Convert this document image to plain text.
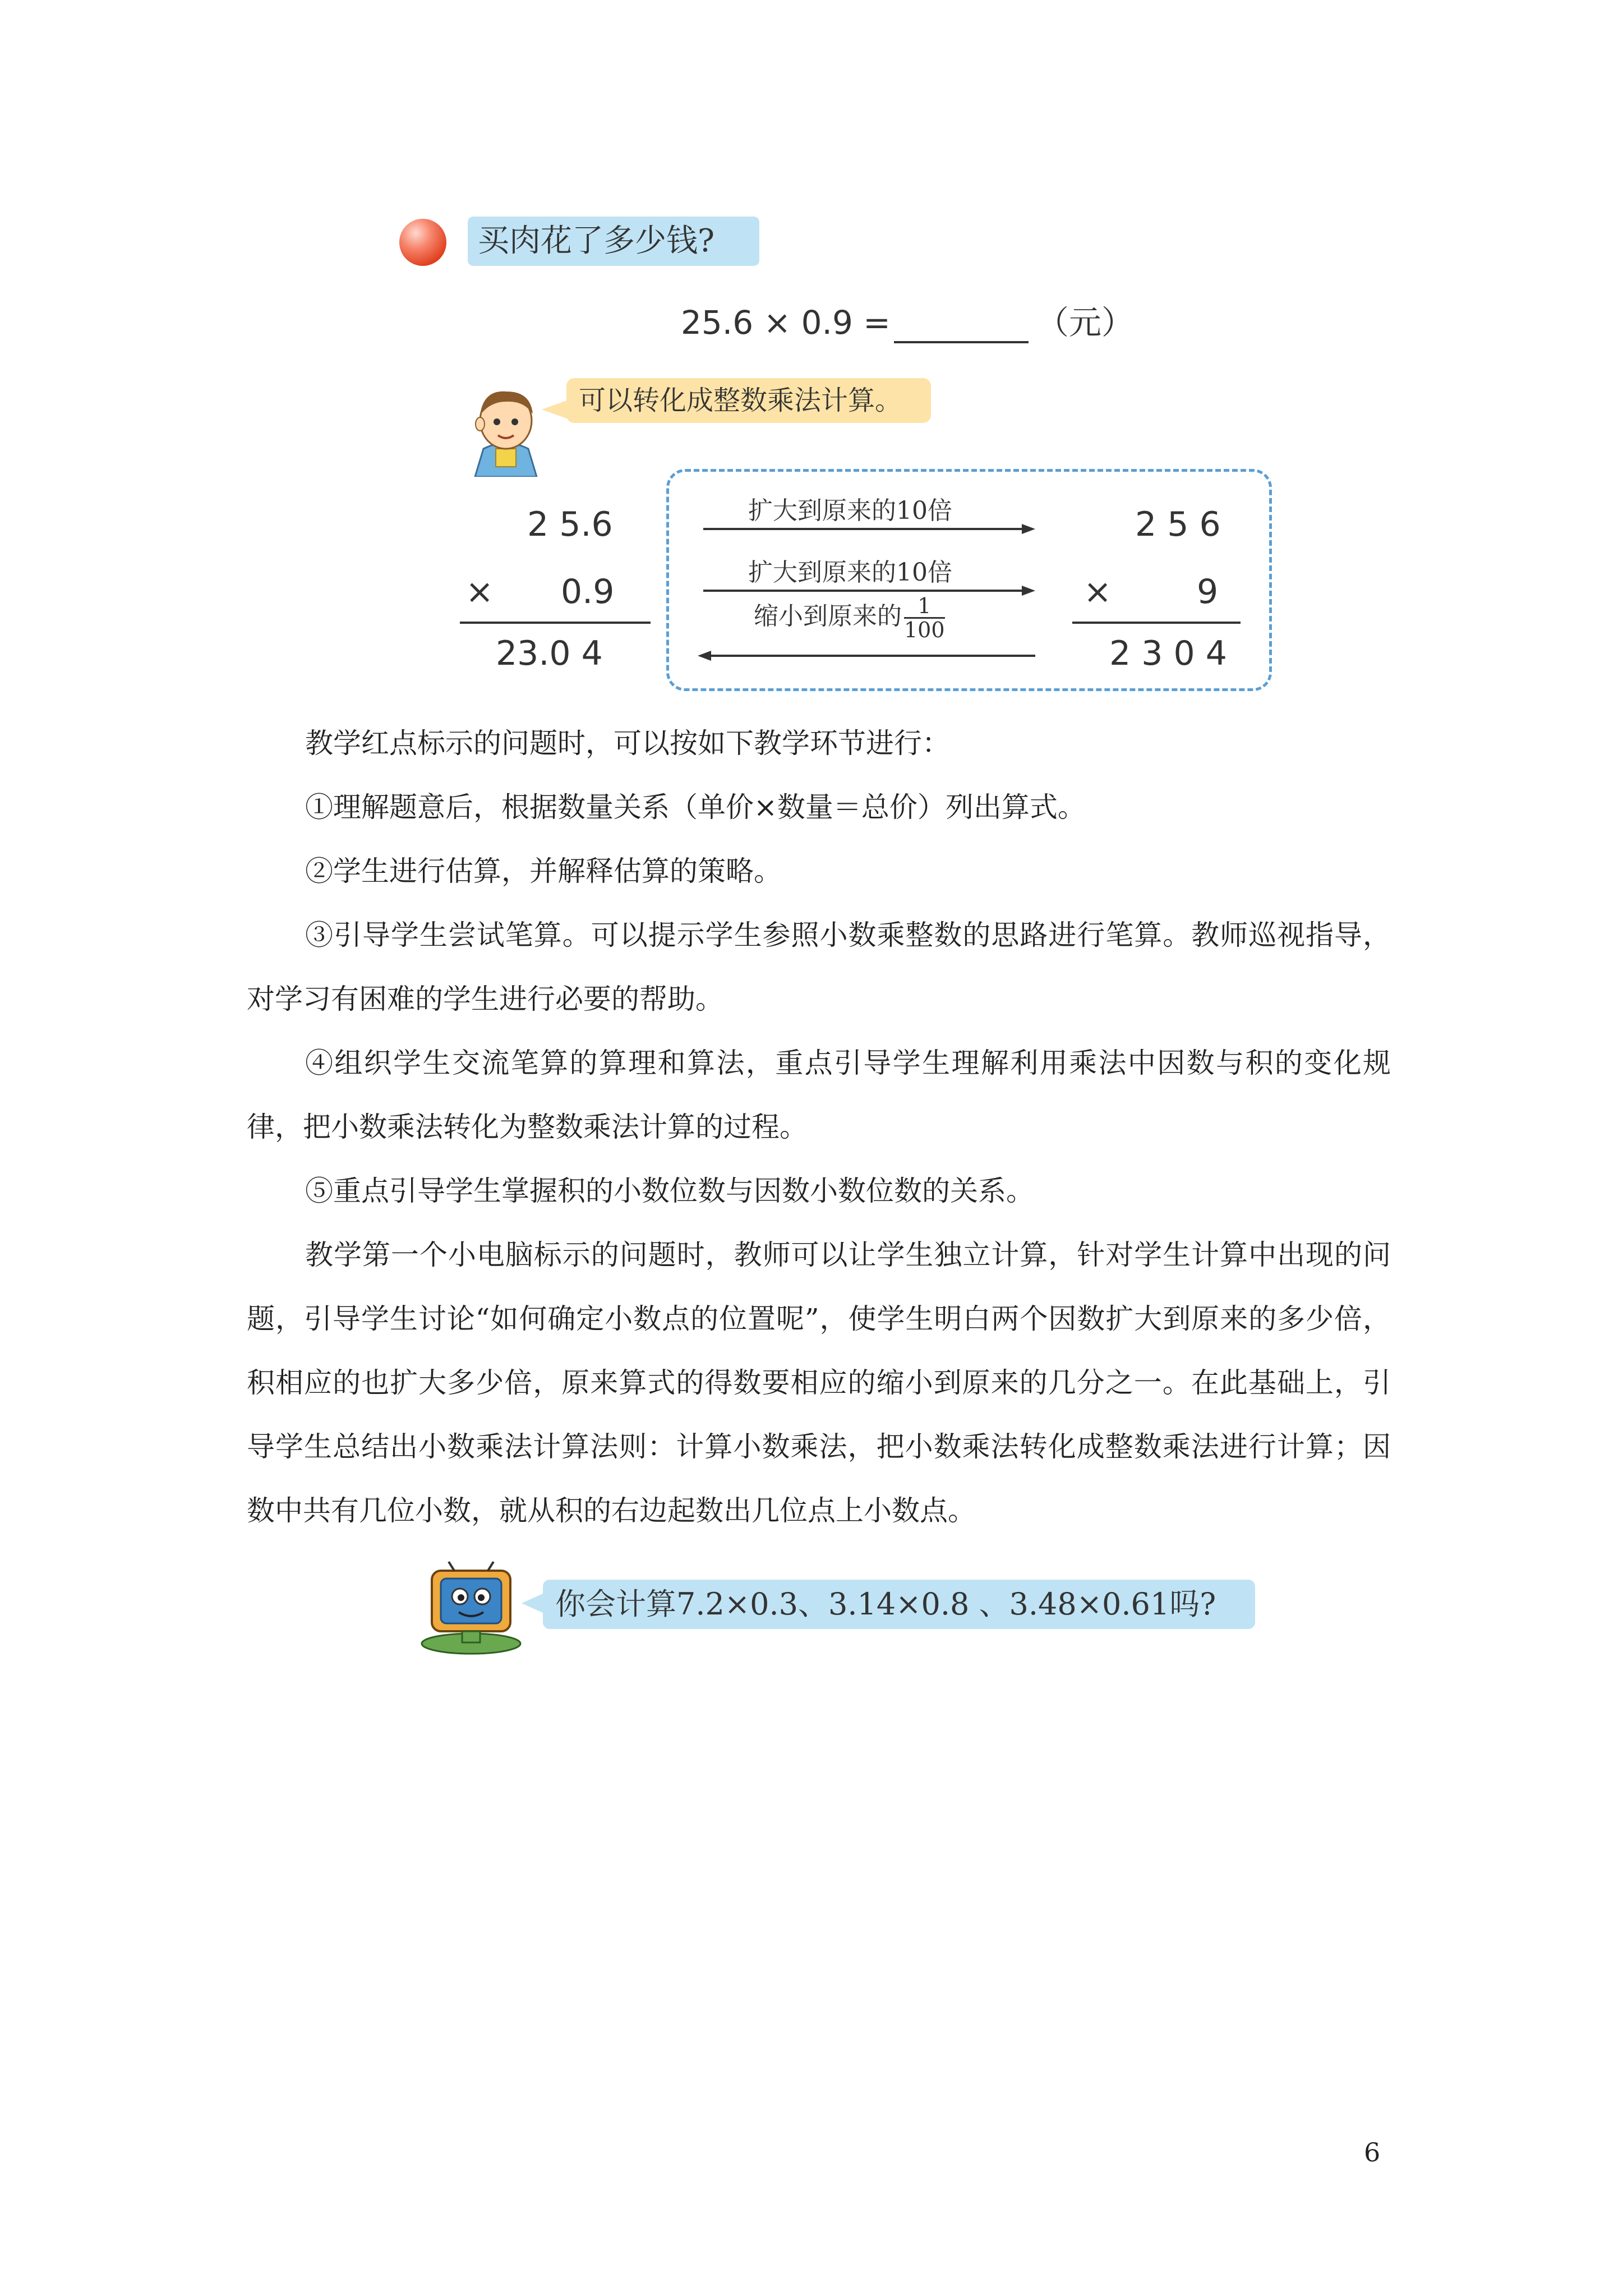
买肉花了多少钱?
25.6 × 0.9 =	（元）
可以转化成整数乘法计算。
2 5.6
× 0.9
23.0 4
扩大到原来的10倍
扩大到原来的10倍
缩小到原来的 $\frac{1}{100}$
2 5 6
×	9
2 3 0 4
教学红点标示的问题时，可以按如下教学环节进行：
①理解题意后，根据数量关系（单价×数量＝总价）列出算式。
②学生进行估算，并解释估算的策略。
③引导学生尝试笔算。可以提示学生参照小数乘整数的思路进行笔算。教师巡视指导，对学习有困难的学生进行必要的帮助。
④组织学生交流笔算的算理和算法，重点引导学生理解利用乘法中因数与积的变化规律，把小数乘法转化为整数乘法计算的过程。
⑤重点引导学生掌握积的小数位数与因数小数位数的关系。
教学第一个小电脑标示的问题时，教师可以让学生独立计算，针对学生计算中出现的问题，引导学生讨论“如何确定小数点的位置呢”，使学生明白两个因数扩大到原来的多少倍，积相应的也扩大多少倍，原来算式的得数要相应的缩小到原来的几分之一。在此基础上，引导学生总结出小数乘法计算法则：计算小数乘法，把小数乘法转化成整数乘法进行计算；因数中共有几位小数，就从积的右边起数出几位点上小数点。
你会计算7.2×0.3、3.14×0.8 、3.48×0.61吗?
6
